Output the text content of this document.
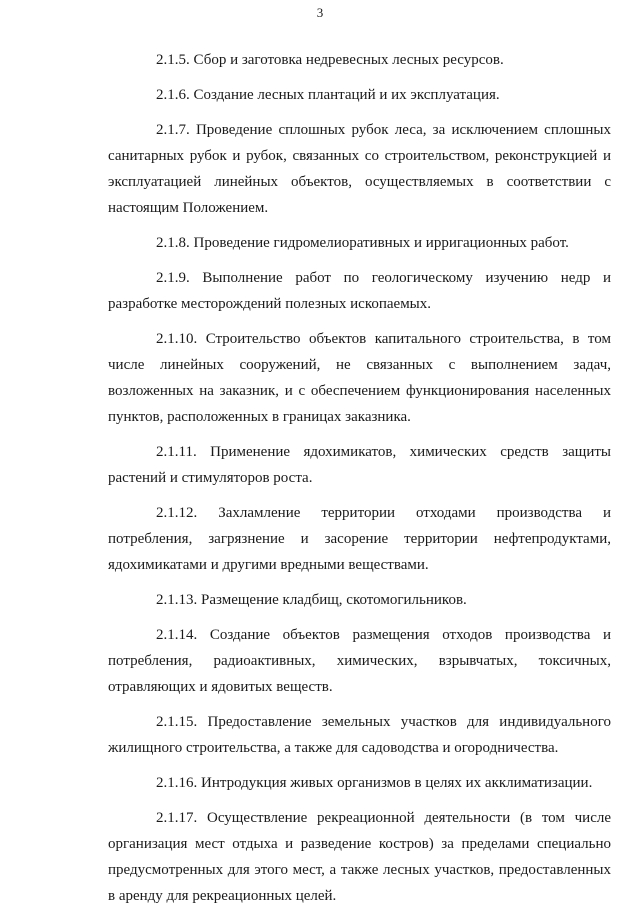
3

2.1.5. Сбор и заготовка недревесных лесных ресурсов.

2.1.6. Создание лесных плантаций и их эксплуатация.

2.1.7. Проведение сплошных рубок леса, за исключением сплошных санитарных рубок и рубок, связанных со строительством, реконструкцией и эксплуатацией линейных объектов, осуществляемых в соответствии с настоящим Положением.

2.1.8. Проведение гидромелиоративных и ирригационных работ.

2.1.9. Выполнение работ по геологическому изучению недр и разработке месторождений полезных ископаемых.

2.1.10. Строительство объектов капитального строительства, в том числе линейных сооружений, не связанных с выполнением задач, возложенных на заказник, и с обеспечением функционирования населенных пунктов, расположенных в границах заказника.

2.1.11. Применение ядохимикатов, химических средств защиты растений и стимуляторов роста.

2.1.12. Захламление территории отходами производства и потребления, загрязнение и засорение территории нефтепродуктами, ядохимикатами и другими вредными веществами.

2.1.13. Размещение кладбищ, скотомогильников.

2.1.14. Создание объектов размещения отходов производства и потребления, радиоактивных, химических, взрывчатых, токсичных, отравляющих и ядовитых веществ.

2.1.15. Предоставление земельных участков для индивидуального жилищного строительства, а также для садоводства и огородничества.

2.1.16. Интродукция живых организмов в целях их акклиматизации.

2.1.17. Осуществление рекреационной деятельности (в том числе организация мест отдыха и разведение костров) за пределами специально предусмотренных для этого мест, а также лесных участков, предоставленных в аренду для рекреационных целей.
